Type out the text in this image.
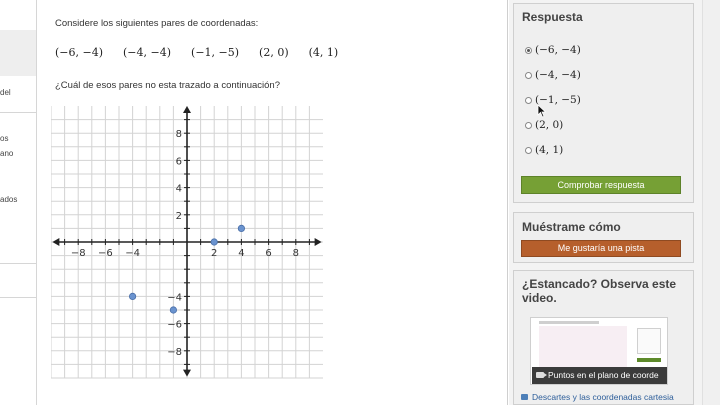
del
os
ano
ados
Considere los siguientes pares de coordenadas:
(−6, −4) (−4, −4) (−1, −5) (2, 0) (4, 1)
¿Cuál de esos pares no esta trazado a continuación?
−8 −6 −4	2 4 6 8
8
6
4
2
−4
−6
−8
Respuesta
(−6, −4)
(−4, −4)
(−1, −5)
(2, 0)
(4, 1)
Comprobar respuesta
Muéstrame cómo
Me gustaría una pista
¿Estancado? Observa este video.
Puntos en el plano de coorde
Descartes y las coordenadas cartesia
